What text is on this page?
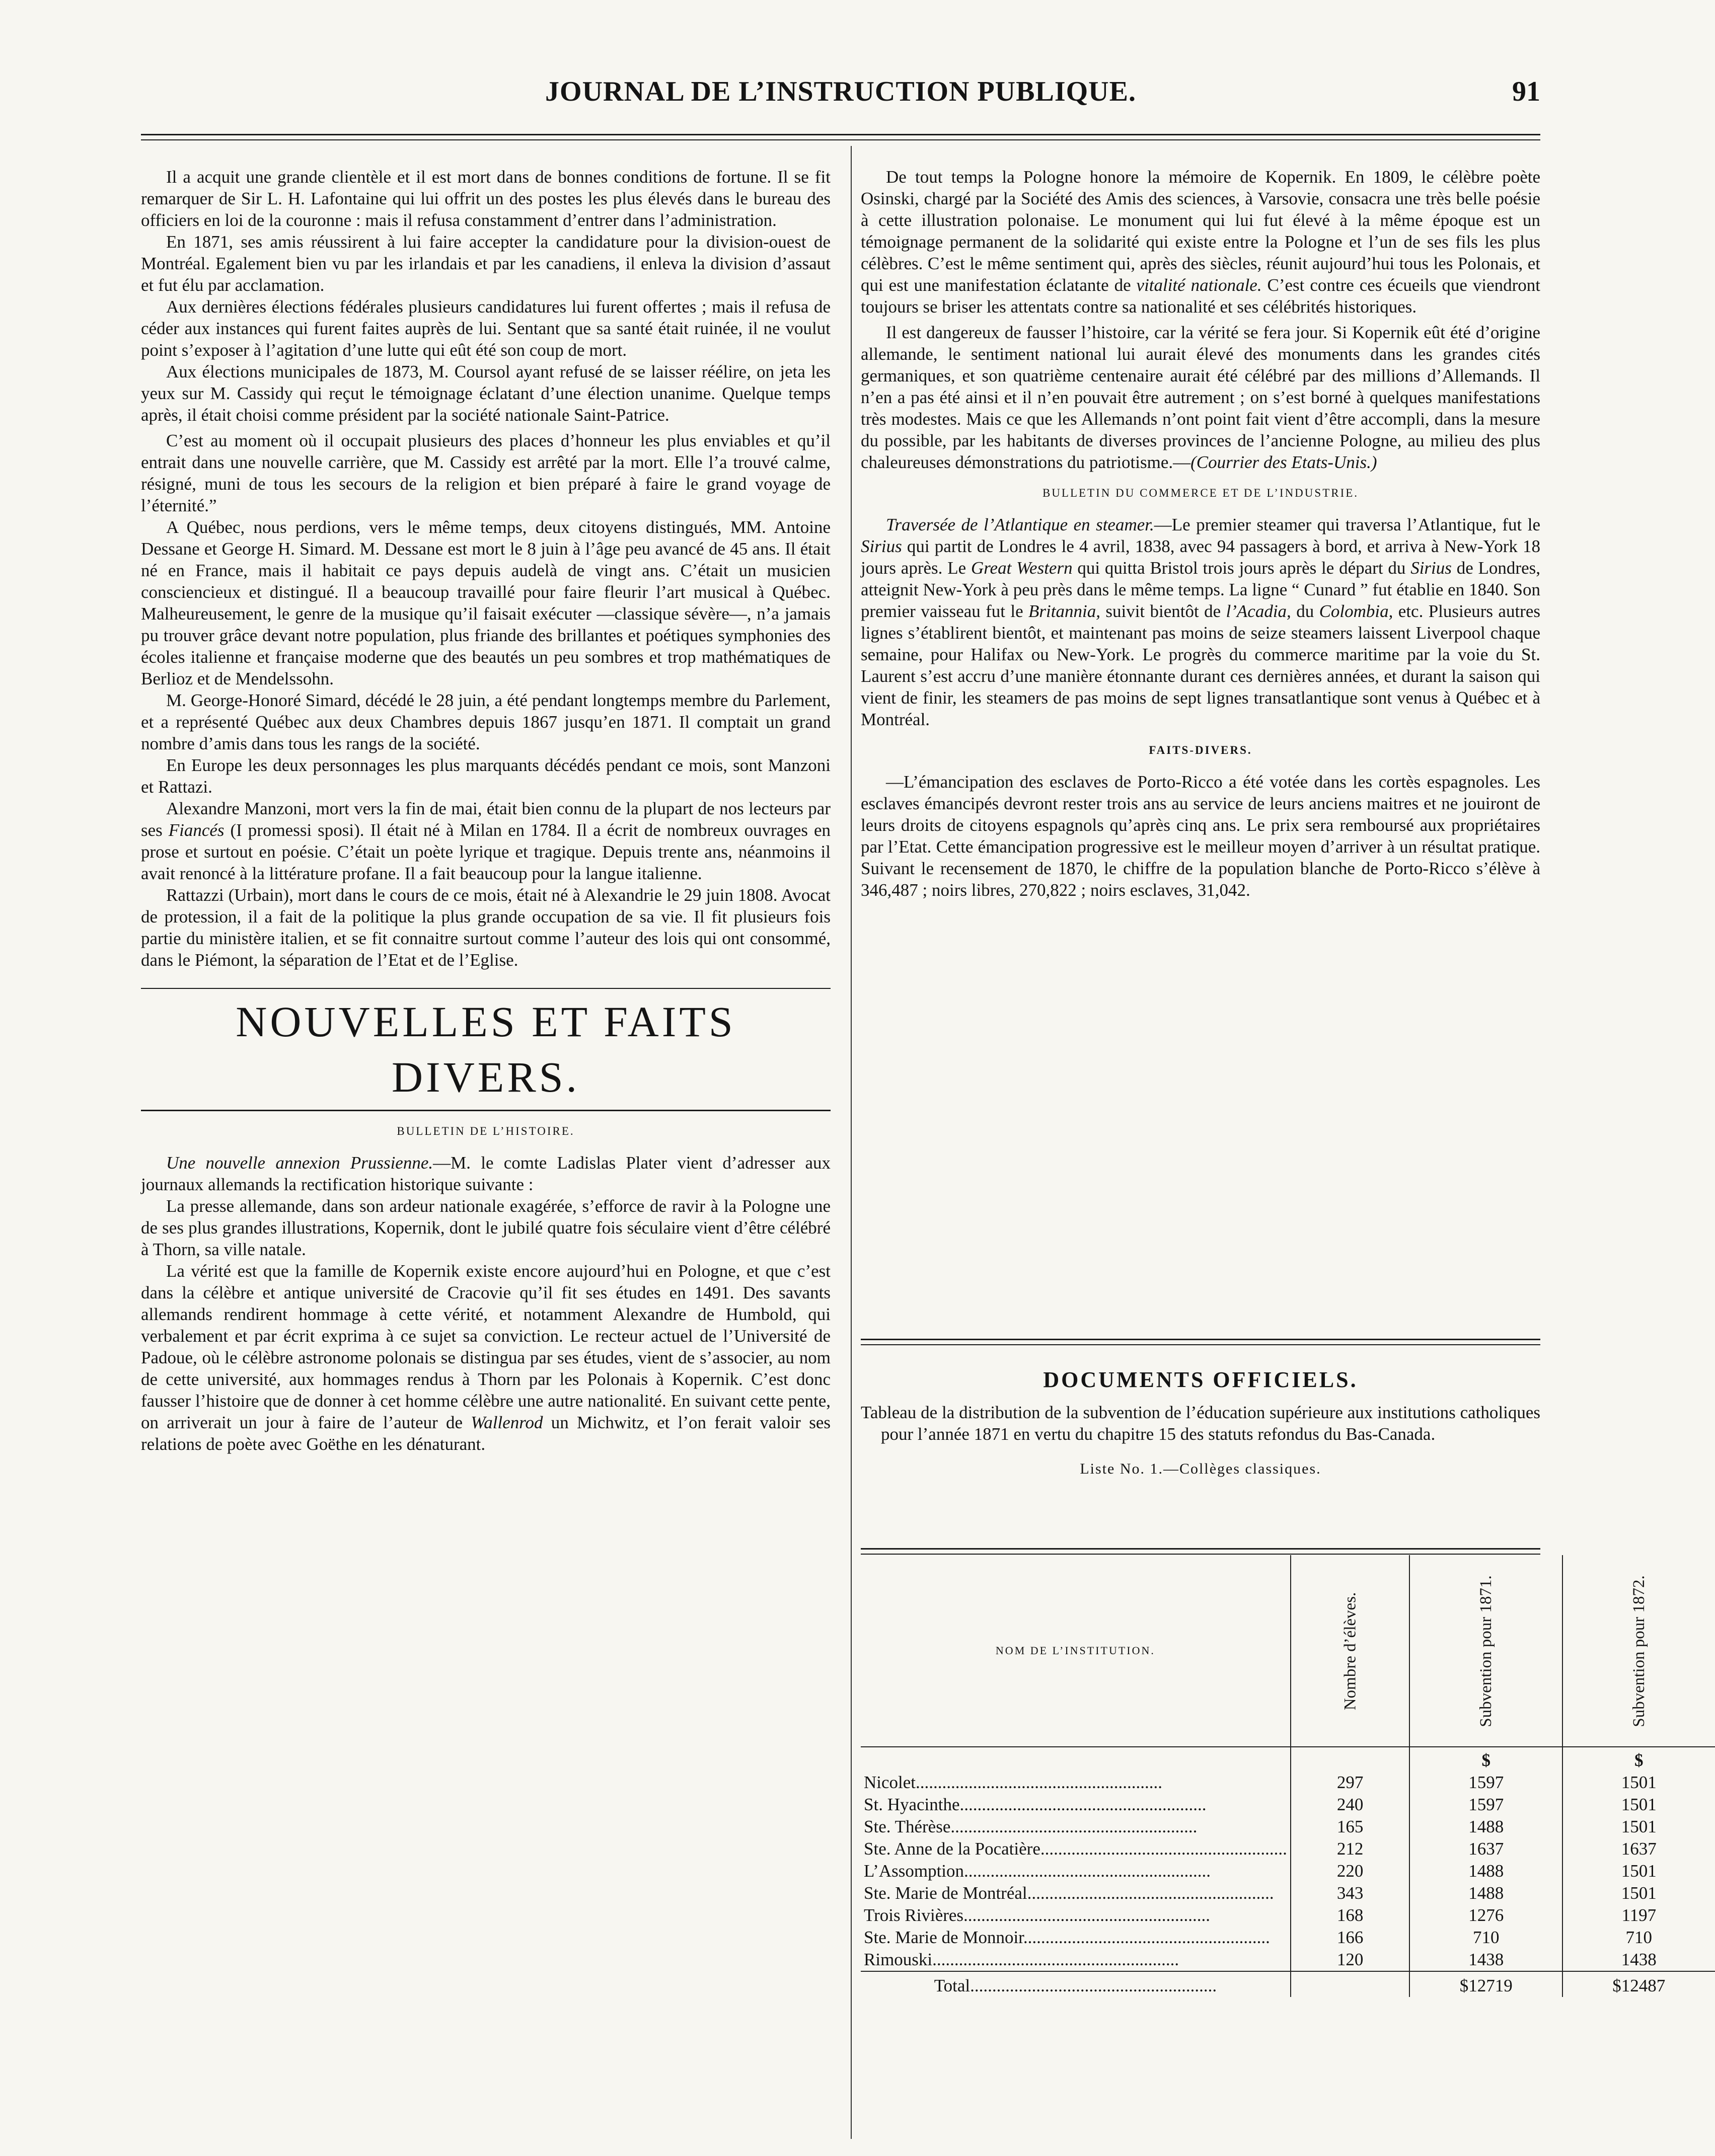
JOURNAL DE L’INSTRUCTION PUBLIQUE.	91

Il a acquit une grande clientèle et il est mort dans de bonnes conditions de fortune. Il se fit remarquer de Sir L. H. Lafontaine qui lui offrit un des postes les plus élevés dans le bureau des officiers en loi de la couronne : mais il refusa constamment d’entrer dans l’administration.

En 1871, ses amis réussirent à lui faire accepter la candidature pour la division-ouest de Montréal. Egalement bien vu par les irlandais et par les canadiens, il enleva la division d’assaut et fut élu par acclamation.

Aux dernières élections fédérales plusieurs candidatures lui furent offertes ; mais il refusa de céder aux instances qui furent faites auprès de lui. Sentant que sa santé était ruinée, il ne voulut point s’exposer à l’agitation d’une lutte qui eût été son coup de mort.

Aux élections municipales de 1873, M. Coursol ayant refusé de se laisser réélire, on jeta les yeux sur M. Cassidy qui reçut le témoignage éclatant d’une élection unanime. Quelque temps après, il était choisi comme président par la société nationale Saint-Patrice.

C’est au moment où il occupait plusieurs des places d’honneur les plus enviables et qu’il entrait dans une nouvelle carrière, que M. Cassidy est arrêté par la mort. Elle l’a trouvé calme, résigné, muni de tous les secours de la religion et bien préparé à faire le grand voyage de l’éternité.”

A Québec, nous perdions, vers le même temps, deux citoyens distingués, MM. Antoine Dessane et George H. Simard. M. Dessane est mort le 8 juin à l’âge peu avancé de 45 ans. Il était né en France, mais il habitait ce pays depuis audelà de vingt ans. C’était un musicien consciencieux et distingué. Il a beaucoup travaillé pour faire fleurir l’art musical à Québec. Malheureusement, le genre de la musique qu’il faisait exécuter —classique sévère—, n’a jamais pu trouver grâce devant notre population, plus friande des brillantes et poétiques symphonies des écoles italienne et française moderne que des beautés un peu sombres et trop mathématiques de Berlioz et de Mendelssohn.

M. George-Honoré Simard, décédé le 28 juin, a été pendant longtemps membre du Parlement, et a représenté Québec aux deux Chambres depuis 1867 jusqu’en 1871. Il comptait un grand nombre d’amis dans tous les rangs de la société.

En Europe les deux personnages les plus marquants décédés pendant ce mois, sont Manzoni et Rattazi.

Alexandre Manzoni, mort vers la fin de mai, était bien connu de la plupart de nos lecteurs par ses Fiancés (I promessi sposi). Il était né à Milan en 1784. Il a écrit de nombreux ouvrages en prose et surtout en poésie. C’était un poète lyrique et tragique. Depuis trente ans, néanmoins il avait renoncé à la littérature profane. Il a fait beaucoup pour la langue italienne.

Rattazzi (Urbain), mort dans le cours de ce mois, était né à Alexandrie le 29 juin 1808. Avocat de protession, il a fait de la politique la plus grande occupation de sa vie. Il fit plusieurs fois partie du ministère italien, et se fit connaitre surtout comme l’auteur des lois qui ont consommé, dans le Piémont, la séparation de l’Etat et de l’Eglise.

NOUVELLES ET FAITS DIVERS.

BULLETIN DE L’HISTOIRE.

Une nouvelle annexion Prussienne.—M. le comte Ladislas Plater vient d’adresser aux journaux allemands la rectification historique suivante :

La presse allemande, dans son ardeur nationale exagérée, s’efforce de ravir à la Pologne une de ses plus grandes illustrations, Kopernik, dont le jubilé quatre fois séculaire vient d’être célébré à Thorn, sa ville natale.

La vérité est que la famille de Kopernik existe encore aujourd’hui en Pologne, et que c’est dans la célèbre et antique université de Cracovie qu’il fit ses études en 1491. Des savants allemands rendirent hommage à cette vérité, et notamment Alexandre de Humbold, qui verbalement et par écrit exprima à ce sujet sa conviction. Le recteur actuel de l’Université de Padoue, où le célèbre astronome polonais se distingua par ses études, vient de s’associer, au nom de cette université, aux hommages rendus à Thorn par les Polonais à Kopernik. C’est donc fausser l’histoire que de donner à cet homme célèbre une autre nationalité. En suivant cette pente, on arriverait un jour à faire de l’auteur de Wallenrod un Michwitz, et l’on ferait valoir ses relations de poète avec Goëthe en les dénaturant.

De tout temps la Pologne honore la mémoire de Kopernik. En 1809, le célèbre poète Osinski, chargé par la Société des Amis des sciences, à Varsovie, consacra une très belle poésie à cette illustration polonaise. Le monument qui lui fut élevé à la même époque est un témoignage permanent de la solidarité qui existe entre la Pologne et l’un de ses fils les plus célèbres. C’est le même sentiment qui, après des siècles, réunit aujourd’hui tous les Polonais, et qui est une manifestation éclatante de vitalité nationale. C’est contre ces écueils que viendront toujours se briser les attentats contre sa nationalité et ses célébrités historiques.

Il est dangereux de fausser l’histoire, car la vérité se fera jour. Si Kopernik eût été d’origine allemande, le sentiment national lui aurait élevé des monuments dans les grandes cités germaniques, et son quatrième centenaire aurait été célébré par des millions d’Allemands. Il n’en a pas été ainsi et il n’en pouvait être autrement ; on s’est borné à quelques manifestations très modestes. Mais ce que les Allemands n’ont point fait vient d’être accompli, dans la mesure du possible, par les habitants de diverses provinces de l’ancienne Pologne, au milieu des plus chaleureuses démonstrations du patriotisme.—(Courrier des Etats-Unis.)

BULLETIN DU COMMERCE ET DE L’INDUSTRIE.

Traversée de l’Atlantique en steamer.—Le premier steamer qui traversa l’Atlantique, fut le Sirius qui partit de Londres le 4 avril, 1838, avec 94 passagers à bord, et arriva à New-York 18 jours après. Le Great Western qui quitta Bristol trois jours après le départ du Sirius de Londres, atteignit New-York à peu près dans le même temps. La ligne “ Cunard ” fut établie en 1840. Son premier vaisseau fut le Britannia, suivit bientôt de l’Acadia, du Colombia, etc. Plusieurs autres lignes s’établirent bientôt, et maintenant pas moins de seize steamers laissent Liverpool chaque semaine, pour Halifax ou New-York. Le progrès du commerce maritime par la voie du St. Laurent s’est accru d’une manière étonnante durant ces dernières années, et durant la saison qui vient de finir, les steamers de pas moins de sept lignes transatlantique sont venus à Québec et à Montréal.

FAITS-DIVERS.

—L’émancipation des esclaves de Porto-Ricco a été votée dans les cortès espagnoles. Les esclaves émancipés devront rester trois ans au service de leurs anciens maitres et ne jouiront de leurs droits de citoyens espagnols qu’après cinq ans. Le prix sera remboursé aux propriétaires par l’Etat. Cette émancipation progressive est le meilleur moyen d’arriver à un résultat pratique. Suivant le recensement de 1870, le chiffre de la population blanche de Porto-Ricco s’élève à 346,487 ; noirs libres, 270,822 ; noirs esclaves, 31,042.

DOCUMENTS OFFICIELS.

Tableau de la distribution de la subvention de l’éducation supérieure aux institutions catholiques pour l’année 1871 en vertu du chapitre 15 des statuts refondus du Bas-Canada.

Liste No. 1.—Collèges classiques.

NOM DE L’INSTITUTION.	Nombre d’élèves.	Subvention pour 1871.	Subvention pour 1872.
		$	$
Nicolet .....	297	1597	1501
St. Hyacinthe .....	240	1597	1501
Ste. Thérèse .....	165	1488	1501
Ste. Anne de la Pocatière .....	212	1637	1637
L’Assomption .....	220	1488	1501
Ste. Marie de Montréal .....	343	1488	1501
Trois Rivières .....	168	1276	1197
Ste. Marie de Monnoir .....	166	710	710
Rimouski .....	120	1438	1438
Total .....		$12719	$12487
